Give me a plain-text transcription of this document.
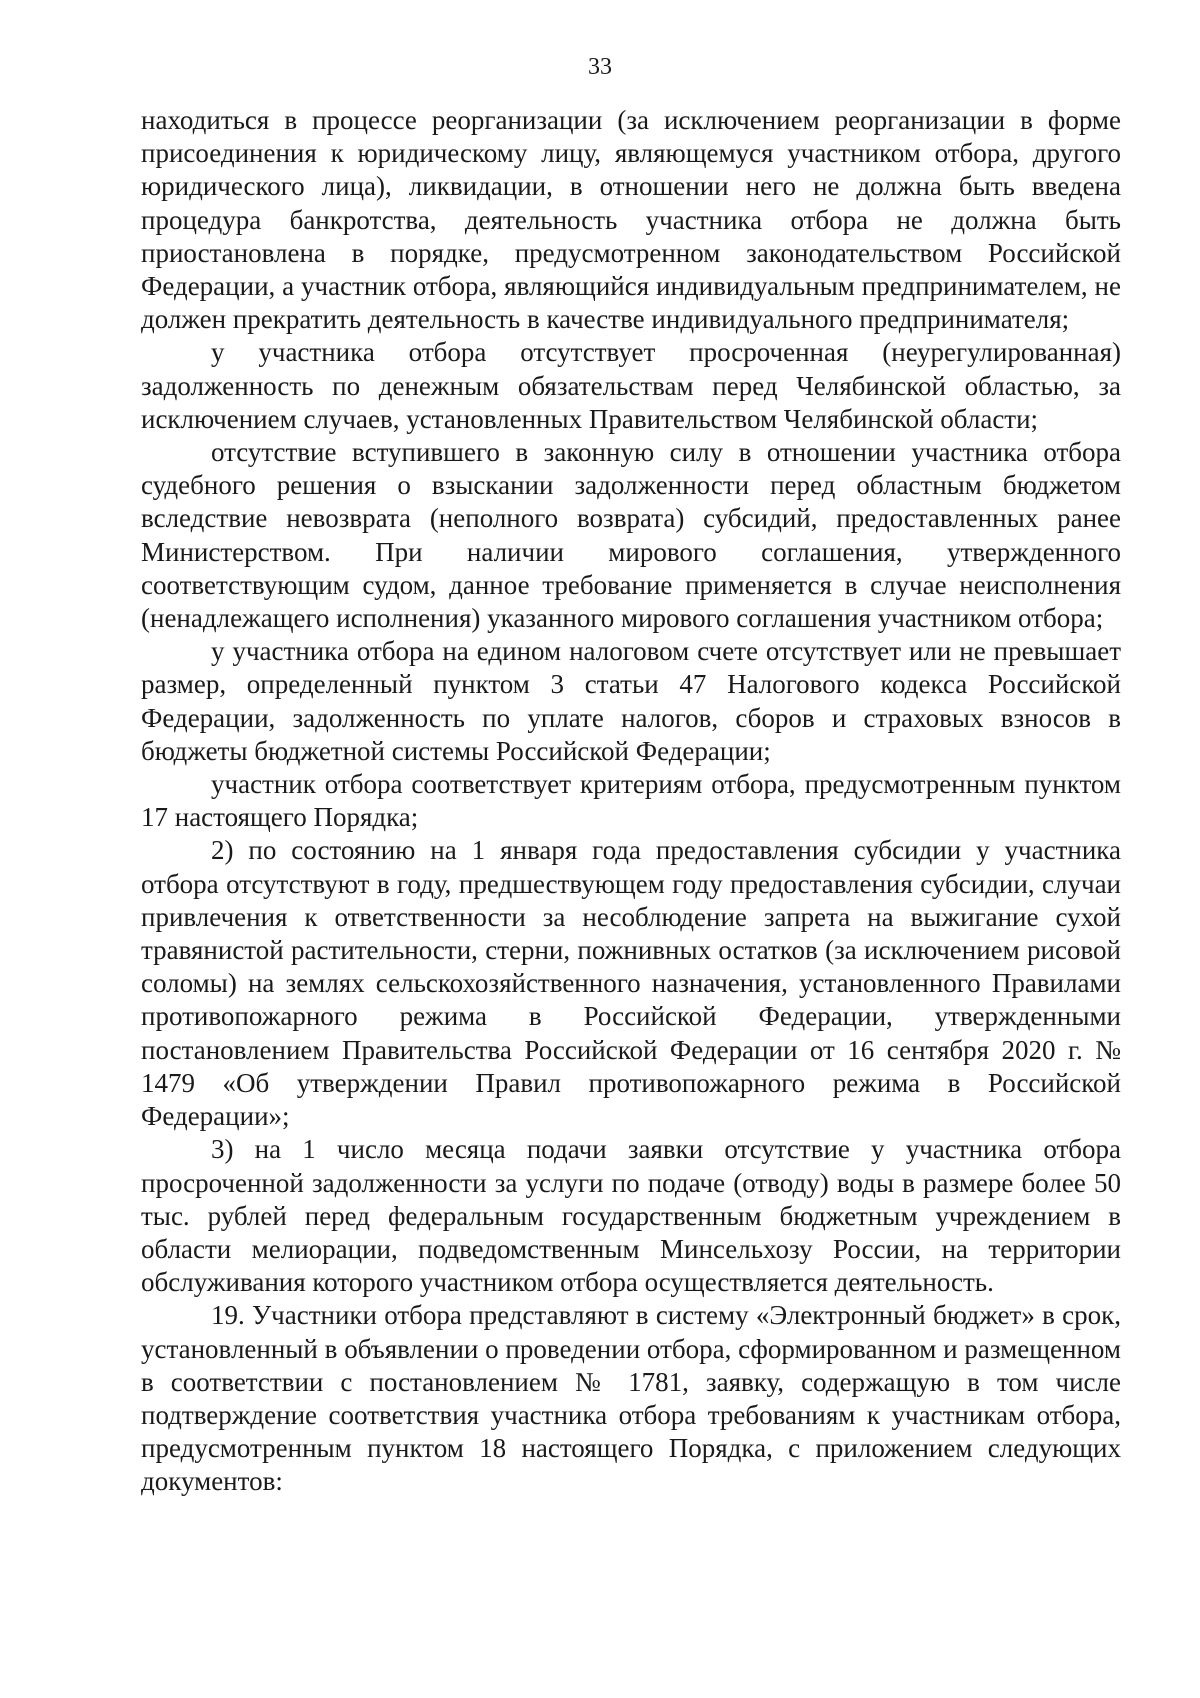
33

находиться в процессе реорганизации (за исключением реорганизации в форме присоединения к юридическому лицу, являющемуся участником отбора, другого юридического лица), ликвидации, в отношении него не должна быть введена процедура банкротства, деятельность участника отбора не должна быть приостановлена в порядке, предусмотренном законодательством Российской Федерации, а участник отбора, являющийся индивидуальным предпринимателем, не должен прекратить деятельность в качестве индивидуального предпринимателя;

у участника отбора отсутствует просроченная (неурегулированная) задолженность по денежным обязательствам перед Челябинской областью, за исключением случаев, установленных Правительством Челябинской области;

отсутствие вступившего в законную силу в отношении участника отбора судебного решения о взыскании задолженности перед областным бюджетом вследствие невозврата (неполного возврата) субсидий, предоставленных ранее Министерством. При наличии мирового соглашения, утвержденного соответствующим судом, данное требование применяется в случае неисполнения (ненадлежащего исполнения) указанного мирового соглашения участником отбора;

у участника отбора на едином налоговом счете отсутствует или не превышает размер, определенный пунктом 3 статьи 47 Налогового кодекса Российской Федерации, задолженность по уплате налогов, сборов и страховых взносов в бюджеты бюджетной системы Российской Федерации;

участник отбора соответствует критериям отбора, предусмотренным пунктом 17 настоящего Порядка;

2) по состоянию на 1 января года предоставления субсидии у участника отбора отсутствуют в году, предшествующем году предоставления субсидии, случаи привлечения к ответственности за несоблюдение запрета на выжигание сухой травянистой растительности, стерни, пожнивных остатков (за исключением рисовой соломы) на землях сельскохозяйственного назначения, установленного Правилами противопожарного режима в Российской Федерации, утвержденными постановлением Правительства Российской Федерации от 16 сентября 2020 г. № 1479 «Об утверждении Правил противопожарного режима в Российской Федерации»;

3) на 1 число месяца подачи заявки отсутствие у участника отбора просроченной задолженности за услуги по подаче (отводу) воды в размере более 50 тыс. рублей перед федеральным государственным бюджетным учреждением в области мелиорации, подведомственным Минсельхозу России, на территории обслуживания которого участником отбора осуществляется деятельность.

19. Участники отбора представляют в систему «Электронный бюджет» в срок, установленный в объявлении о проведении отбора, сформированном и размещенном в соответствии с постановлением № 1781, заявку, содержащую в том числе подтверждение соответствия участника отбора требованиям к участникам отбора, предусмотренным пунктом 18 настоящего Порядка, с приложением следующих документов:
